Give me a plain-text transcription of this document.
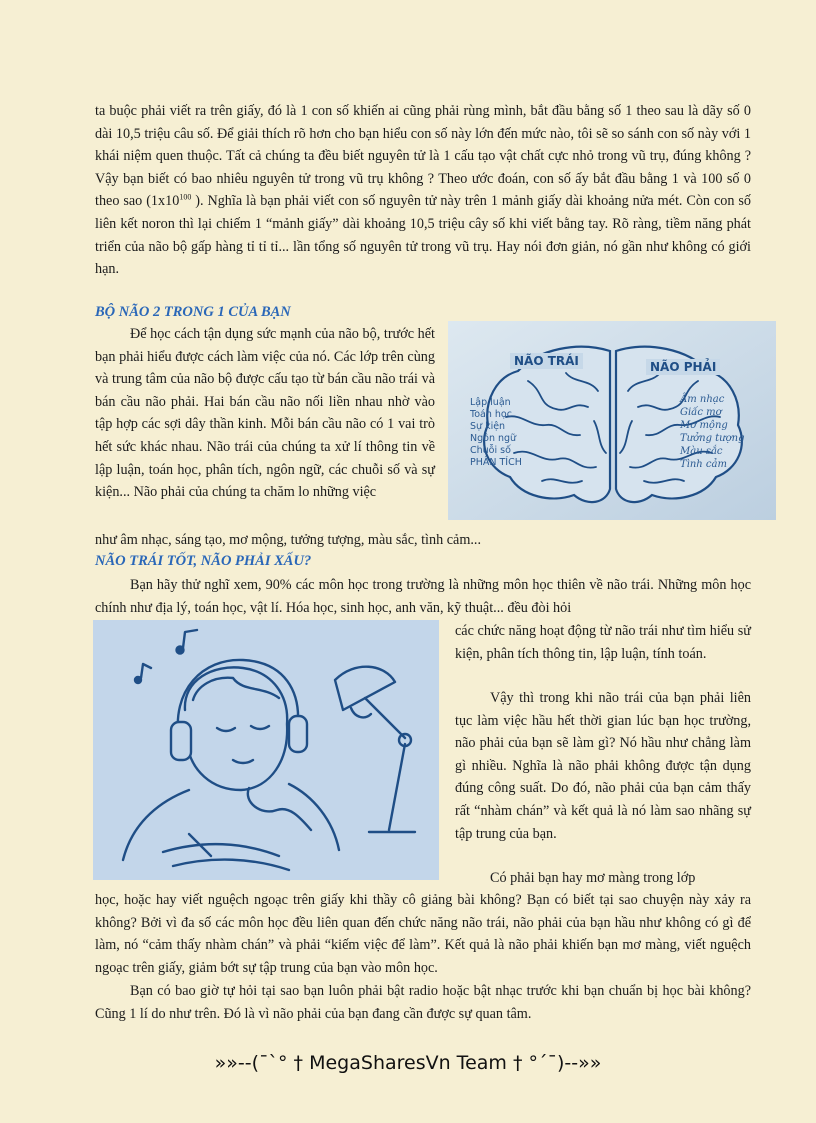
ta buộc phải viết ra trên giấy, đó là 1 con số khiến ai cũng phải rùng mình, bắt đầu bằng số 1 theo sau là dãy số 0 dài 10,5 triệu câu số. Để giải thích rõ hơn cho bạn hiểu con số này lớn đến mức nào, tôi sẽ so sánh con số này với 1 khái niệm quen thuộc. Tất cả chúng ta đều biết nguyên tử là 1 cấu tạo vật chất cực nhỏ trong vũ trụ, đúng không ? Vậy bạn biết có bao nhiêu nguyên tử trong vũ trụ không ? Theo ước đoán, con số ấy bắt đầu bằng 1 và 100 số 0 theo sao ($1x10^{100}$ ). Nghĩa là bạn phải viết con số nguyên tử này trên 1 mảnh giấy dài khoảng nửa mét. Còn con số liên kết noron thì lại chiếm 1 “mảnh giấy” dài khoảng 10,5 triệu cây số khi viết bằng tay. Rõ ràng, tiềm năng phát triển của não bộ gấp hàng tỉ tỉ tỉ... lần tổng số nguyên tử trong vũ trụ. Hay nói đơn giản, nó gần như không có giới hạn.

BỘ NÃO 2 TRONG 1 CỦA BẠN

Để học cách tận dụng sức mạnh của não bộ, trước hết bạn phải hiểu được cách làm việc của nó. Các lớp trên cùng và trung tâm của não bộ được cấu tạo từ bán cầu não trái và bán cầu não phải. Hai bán cầu não nối liền nhau nhờ vào tập hợp các sợi dây thần kinh. Mỗi bán cầu não có 1 vai trò hết sức khác nhau. Não trái của chúng ta xử lí thông tin về lập luận, toán học, phân tích, ngôn ngữ, các chuỗi số và sự kiện... Não phải của chúng ta chăm lo những việc

NÃO TRÁI	NÃO PHẢI
Lập luận
Toán học
Sự kiện
Ngôn ngữ
Chuỗi số
PHÂN TÍCH
Âm nhạc
Giấc mơ
Mơ mộng
Tưởng tượng
Màu sắc
Tình cảm

như âm nhạc, sáng tạo, mơ mộng, tưởng tượng, màu sắc, tình cảm...

NÃO TRÁI TỐT, NÃO PHẢI XẤU?

Bạn hãy thử nghĩ xem, 90% các môn học trong trường là những môn học thiên về não trái. Những môn học chính như địa lý, toán học, vật lí. Hóa học, sinh học, anh văn, kỹ thuật... đều đòi hỏi

các chức năng hoạt động từ não trái như tìm hiểu sử kiện, phân tích thông tin, lập luận, tính toán.

Vậy thì trong khi não trái của bạn phải liên tục làm việc hầu hết thời gian lúc bạn học trường, não phải của bạn sẽ làm gì? Nó hầu như chẳng làm gì nhiều. Nghĩa là não phải không được tận dụng đúng công suất. Do đó, não phải của bạn cảm thấy rất “nhàm chán” và kết quả là nó làm sao nhãng sự tập trung của bạn.

Có phải bạn hay mơ màng trong lớp

học, hoặc hay viết nguệch ngoạc trên giấy khi thầy cô giảng bài không? Bạn có biết tại sao chuyện này xảy ra không? Bởi vì đa số các môn học đều liên quan đến chức năng não trái, não phải của bạn hầu như không có gì để làm, nó “cảm thấy nhàm chán” và phải “kiếm việc để làm”. Kết quả là não phải khiến bạn mơ màng, viết nguệch ngoạc trên giấy, giảm bớt sự tập trung của bạn vào môn học.

Bạn có bao giờ tự hỏi tại sao bạn luôn phải bật radio hoặc bật nhạc trước khi bạn chuẩn bị học bài không? Cũng 1 lí do như trên. Đó là vì não phải của bạn đang cần được sự quan tâm.

»»--(¯`° † MegaSharesVn Team † °´¯)--»»
